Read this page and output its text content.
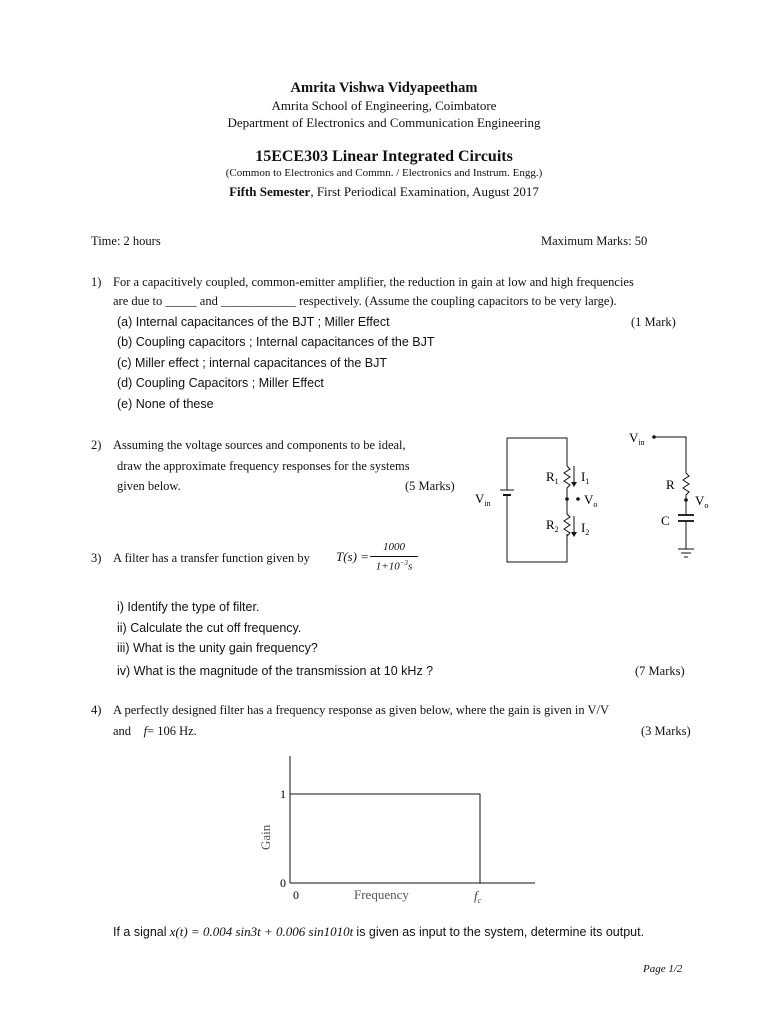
Amrita Vishwa Vidyapeetham
Amrita School of Engineering, Coimbatore
Department of Electronics and Communication Engineering
15ECE303 Linear Integrated Circuits
(Common to Electronics and Commn. / Electronics and Instrum. Engg.)
Fifth Semester, First Periodical Examination, August 2017
Time: 2 hours	Maximum Marks: 50
1) For a capacitively coupled, common-emitter amplifier, the reduction in gain at low and high frequencies
are due to _____ and ____________ respectively. (Assume the coupling capacitors to be very large).
(a) Internal capacitances of the BJT ; Miller Effect	(1 Mark)
(b) Coupling capacitors ; Internal capacitances of the BJT
(c) Miller effect ; internal capacitances of the BJT
(d) Coupling Capacitors ; Miller Effect
(e) None of these
2) Assuming the voltage sources and components to be ideal,
draw the approximate frequency responses for the systems
given below.	(5 Marks)
$V_{in}$
$R_1$ $I_1$
$V_o$
$R_2$ $I_2$
$V_{in}$
R
$V_o$
C
3) A filter has a transfer function given by T(s) =
1000
$1+10^{-3}s$
i) Identify the type of filter.
ii) Calculate the cut off frequency.
iii) What is the unity gain frequency?
iv) What is the magnitude of the transmission at 10 kHz ?	(7 Marks)
4) A perfectly designed filter has a frequency response as given below, where the gain is given in V/V
and f= 106 Hz.	(3 Marks)
1
0
0	Frequency	$f_c$
Gain
If a signal x(t) = 0.004 sin3t + 0.006 sin1010t is given as input to the system, determine its output.
Page 1/2
